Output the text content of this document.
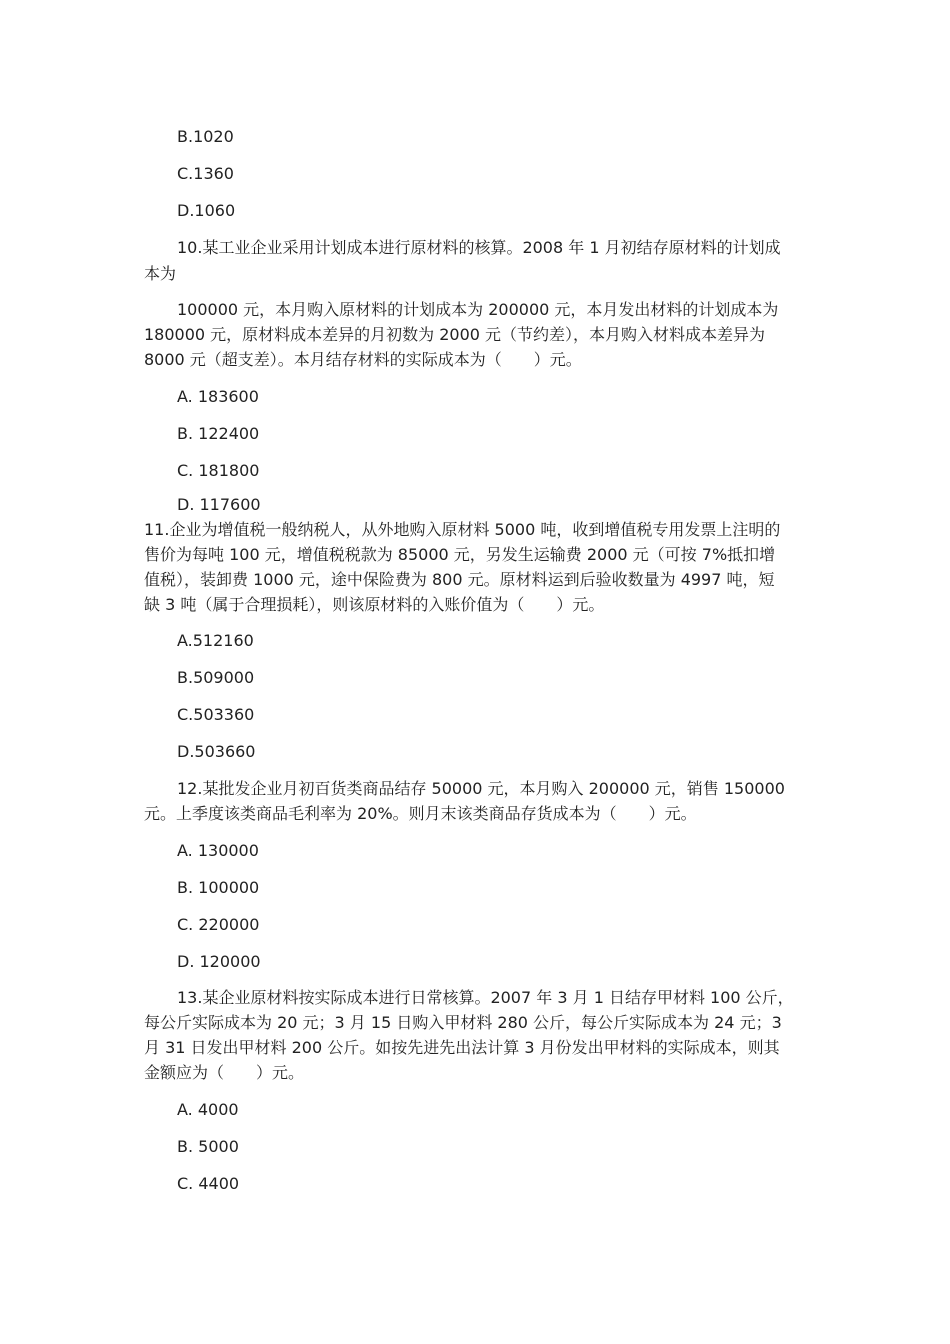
B.1020
C.1360
D.1060
10.某工业企业采用计划成本进行原材料的核算。2008 年 1 月初结存原材料的计划成
本为
100000 元，本月购入原材料的计划成本为 200000 元，本月发出材料的计划成本为
180000 元，原材料成本差异的月初数为 2000 元（节约差），本月购入材料成本差异为
8000 元（超支差）。本月结存材料的实际成本为（　　）元。
A. 183600
B. 122400
C. 181800
D. 117600
11.企业为增值税一般纳税人，从外地购入原材料 5000 吨，收到增值税专用发票上注明的
售价为每吨 100 元，增值税税款为 85000 元，另发生运输费 2000 元（可按 7%抵扣增
值税），装卸费 1000 元，途中保险费为 800 元。原材料运到后验收数量为 4997 吨，短
缺 3 吨（属于合理损耗），则该原材料的入账价值为（　　）元。
A.512160
B.509000
C.503360
D.503660
12.某批发企业月初百货类商品结存 50000 元，本月购入 200000 元，销售 150000
元。上季度该类商品毛利率为 20%。则月末该类商品存货成本为（　　）元。
A. 130000
B. 100000
C. 220000
D. 120000
13.某企业原材料按实际成本进行日常核算。2007 年 3 月 1 日结存甲材料 100 公斤，
每公斤实际成本为 20 元；3 月 15 日购入甲材料 280 公斤，每公斤实际成本为 24 元；3
月 31 日发出甲材料 200 公斤。如按先进先出法计算 3 月份发出甲材料的实际成本，则其
金额应为（　　）元。
A. 4000
B. 5000
C. 4400
